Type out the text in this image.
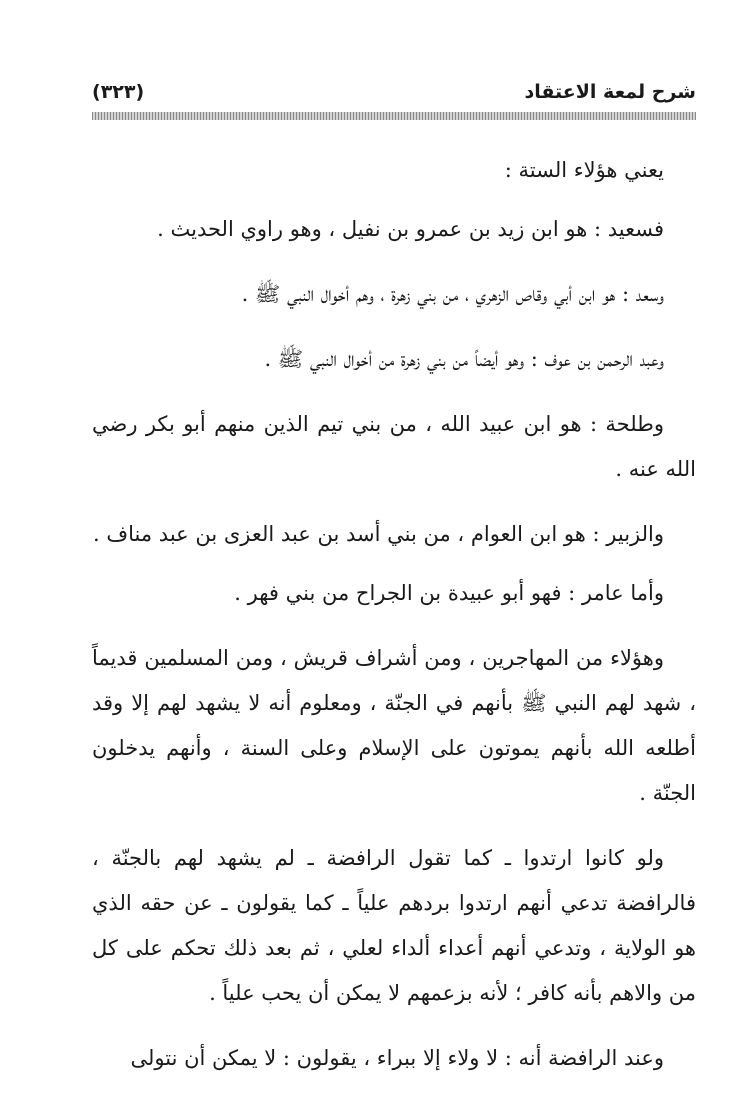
شرح لمعة الاعتقاد
(٣٢٣)

يعني هؤلاء الستة :

فسعيد : هو ابن زيد بن عمرو بن نفيل ، وهو راوي الحديث .

وسعد : هو ابن أبي وقاص الزهري ، من بني زهرة ، وهم أخوال النبي ﷺ .

وعبد الرحمن بن عوف : وهو أيضاً من بني زهرة من أخوال النبي ﷺ .

وطلحة : هو ابن عبيد الله ، من بني تيم الذين منهم أبو بكر رضي الله عنه .

والزبير : هو ابن العوام ، من بني أسد بن عبد العزى بن عبد مناف .

وأما عامر : فهو أبو عبيدة بن الجراح من بني فهر .

وهؤلاء من المهاجرين ، ومن أشراف قريش ، ومن المسلمين قديماً ، شهد لهم النبي ﷺ بأنهم في الجنّة ، ومعلوم أنه لا يشهد لهم إلا وقد أطلعه الله بأنهم يموتون على الإسلام وعلى السنة ، وأنهم يدخلون الجنّة .

ولو كانوا ارتدوا ـ كما تقول الرافضة ـ لم يشهد لهم بالجنّة ، فالرافضة تدعي أنهم ارتدوا بردهم علياً ـ كما يقولون ـ عن حقه الذي هو الولاية ، وتدعي أنهم أعداء ألداء لعلي ، ثم بعد ذلك تحكم على كل من والاهم بأنه كافر ؛ لأنه بزعمهم لا يمكن أن يحب علياً .

وعند الرافضة أنه : لا ولاء إلا ببراء ، يقولون : لا يمكن أن نتولى
